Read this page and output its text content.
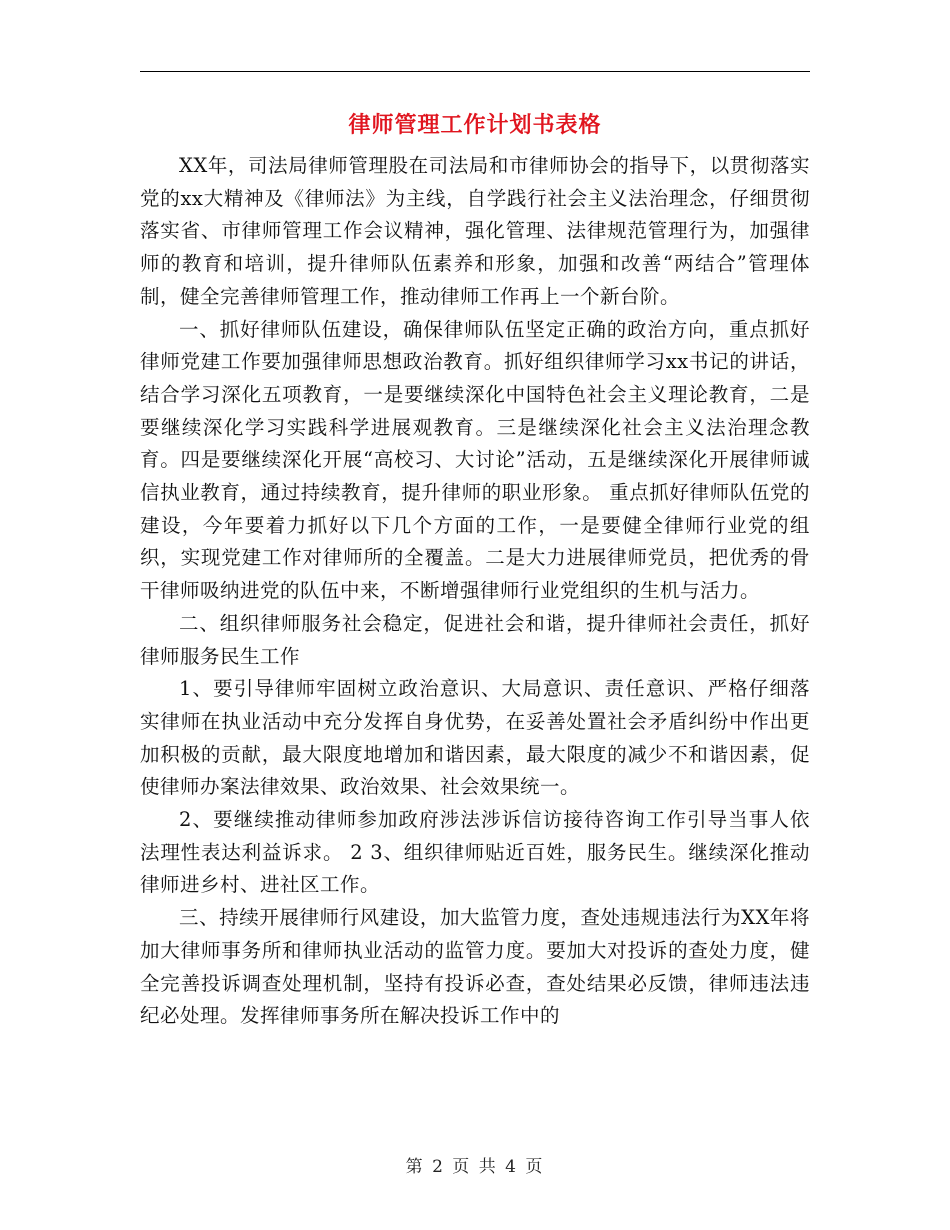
律师管理工作计划书表格

XX年，司法局律师管理股在司法局和市律师协会的指导下，以贯彻落实党的xx大精神及《律师法》为主线，自学践行社会主义法治理念，仔细贯彻落实省、市律师管理工作会议精神，强化管理、法律规范管理行为，加强律师的教育和培训，提升律师队伍素养和形象，加强和改善“两结合”管理体制，健全完善律师管理工作，推动律师工作再上一个新台阶。

一、抓好律师队伍建设，确保律师队伍坚定正确的政治方向，重点抓好律师党建工作要加强律师思想政治教育。抓好组织律师学习xx书记的讲话，结合学习深化五项教育，一是要继续深化中国特色社会主义理论教育，二是要继续深化学习实践科学进展观教育。三是继续深化社会主义法治理念教育。四是要继续深化开展“高校习、大讨论”活动，五是继续深化开展律师诚信执业教育，通过持续教育，提升律师的职业形象。 重点抓好律师队伍党的建设，今年要着力抓好以下几个方面的工作，一是要健全律师行业党的组织，实现党建工作对律师所的全覆盖。二是大力进展律师党员，把优秀的骨干律师吸纳进党的队伍中来，不断增强律师行业党组织的生机与活力。

二、组织律师服务社会稳定，促进社会和谐，提升律师社会责任，抓好律师服务民生工作

1、要引导律师牢固树立政治意识、大局意识、责任意识、严格仔细落实律师在执业活动中充分发挥自身优势，在妥善处置社会矛盾纠纷中作出更加积极的贡献，最大限度地增加和谐因素，最大限度的减少不和谐因素，促使律师办案法律效果、政治效果、社会效果统一。

2、要继续推动律师参加政府涉法涉诉信访接待咨询工作引导当事人依法理性表达利益诉求。 2 3、组织律师贴近百姓，服务民生。继续深化推动律师进乡村、进社区工作。

三、持续开展律师行风建设，加大监管力度，查处违规违法行为XX年将加大律师事务所和律师执业活动的监管力度。要加大对投诉的查处力度，健全完善投诉调查处理机制，坚持有投诉必查，查处结果必反馈，律师违法违纪必处理。发挥律师事务所在解决投诉工作中的

第 2 页 共 4 页
